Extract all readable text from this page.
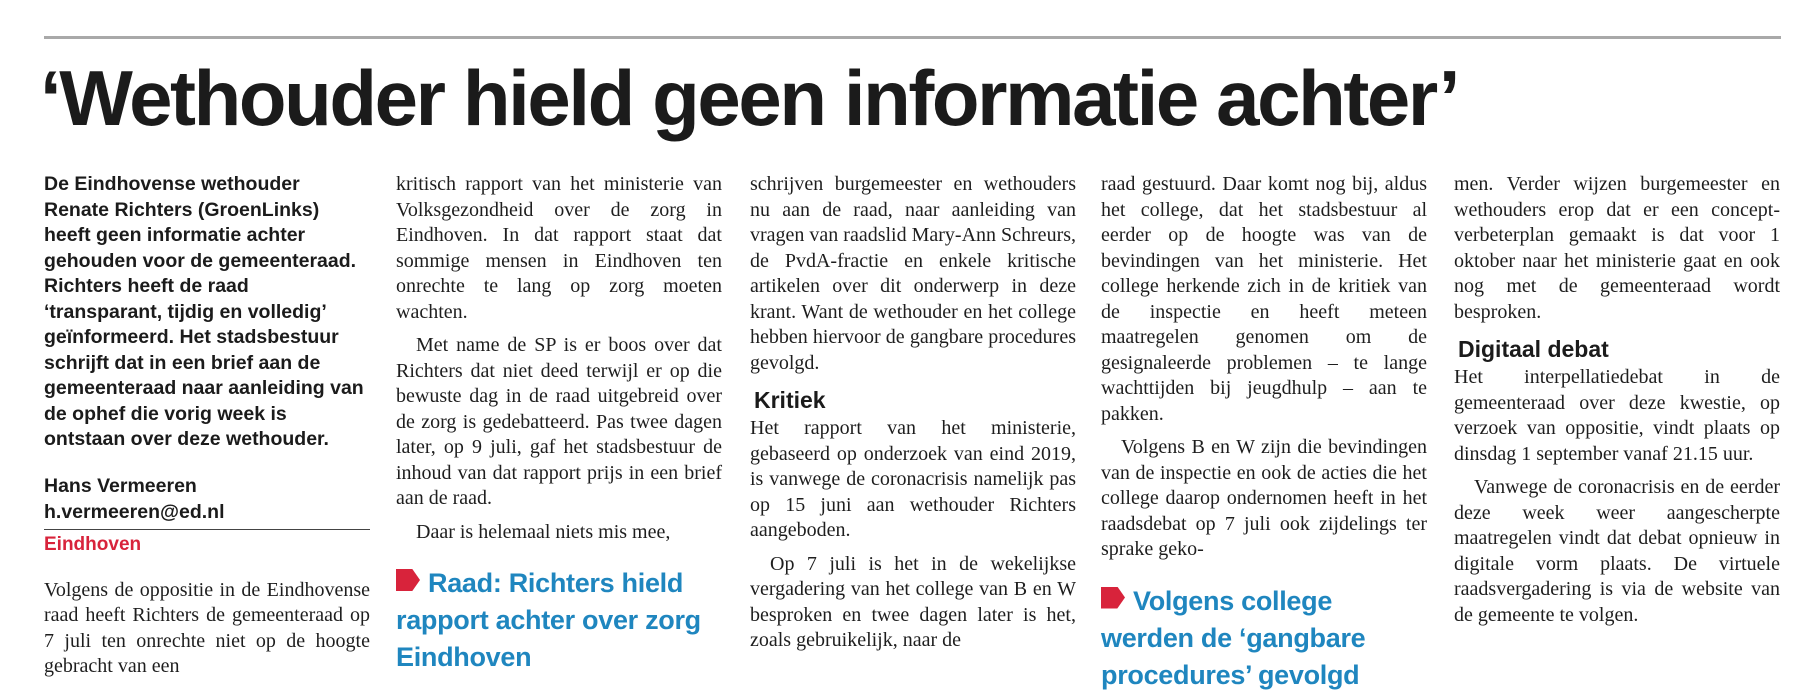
‘Wethouder hield geen informatie achter’

De Eindhovense wethouder Renate Richters (GroenLinks) heeft geen informatie achter gehouden voor de gemeenteraad. Richters heeft de raad ‘transparant, tijdig en volledig’ geïnformeerd. Het stadsbestuur schrijft dat in een brief aan de gemeenteraad naar aanleiding van de ophef die vorig week is ontstaan over deze wethouder.

Hans Vermeeren

h.vermeeren@ed.nl

Eindhoven

Volgens de oppositie in de Eindhovense raad heeft Richters de gemeenteraad op 7 juli ten onrechte niet op de hoogte gebracht van een

kritisch rapport van het ministerie van Volksgezondheid over de zorg in Eindhoven. In dat rapport staat dat sommige mensen in Eindhoven ten onrechte te lang op zorg moeten wachten.

Met name de SP is er boos over dat Richters dat niet deed terwijl er op die bewuste dag in de raad uitgebreid over de zorg is gedebatteerd. Pas twee dagen later, op 9 juli, gaf het stadsbestuur de inhoud van dat rapport prijs in een brief aan de raad.

Daar is helemaal niets mis mee,

Raad: Richters hield rapport achter over zorg Eindhoven

schrijven burgemeester en wethouders nu aan de raad, naar aanleiding van vragen van raadslid Mary-Ann Schreurs, de PvdA-fractie en enkele kritische artikelen over dit onderwerp in deze krant. Want de wethouder en het college hebben hiervoor de gangbare procedures gevolgd.

Kritiek

Het rapport van het ministerie, gebaseerd op onderzoek van eind 2019, is vanwege de coronacrisis namelijk pas op 15 juni aan wethouder Richters aangeboden.

Op 7 juli is het in de wekelijkse vergadering van het college van B en W besproken en twee dagen later is het, zoals gebruikelijk, naar de

raad gestuurd. Daar komt nog bij, aldus het college, dat het stadsbestuur al eerder op de hoogte was van de bevindingen van het ministerie. Het college herkende zich in de kritiek van de inspectie en heeft meteen maatregelen genomen om de gesignaleerde problemen – te lange wachttijden bij jeugdhulp – aan te pakken.

Volgens B en W zijn die bevindingen van de inspectie en ook de acties die het college daarop ondernomen heeft in het raadsdebat op 7 juli ook zijdelings ter sprake geko-

Volgens college werden de ‘gangbare procedures’ gevolgd

men. Verder wijzen burgemeester en wethouders erop dat er een concept-verbeterplan gemaakt is dat voor 1 oktober naar het ministerie gaat en ook nog met de gemeenteraad wordt besproken.

Digitaal debat

Het interpellatiedebat in de gemeenteraad over deze kwestie, op verzoek van oppositie, vindt plaats op dinsdag 1 september vanaf 21.15 uur.

Vanwege de coronacrisis en de eerder deze week weer aangescherpte maatregelen vindt dat debat opnieuw in digitale vorm plaats. De virtuele raadsvergadering is via de website van de gemeente te volgen.
